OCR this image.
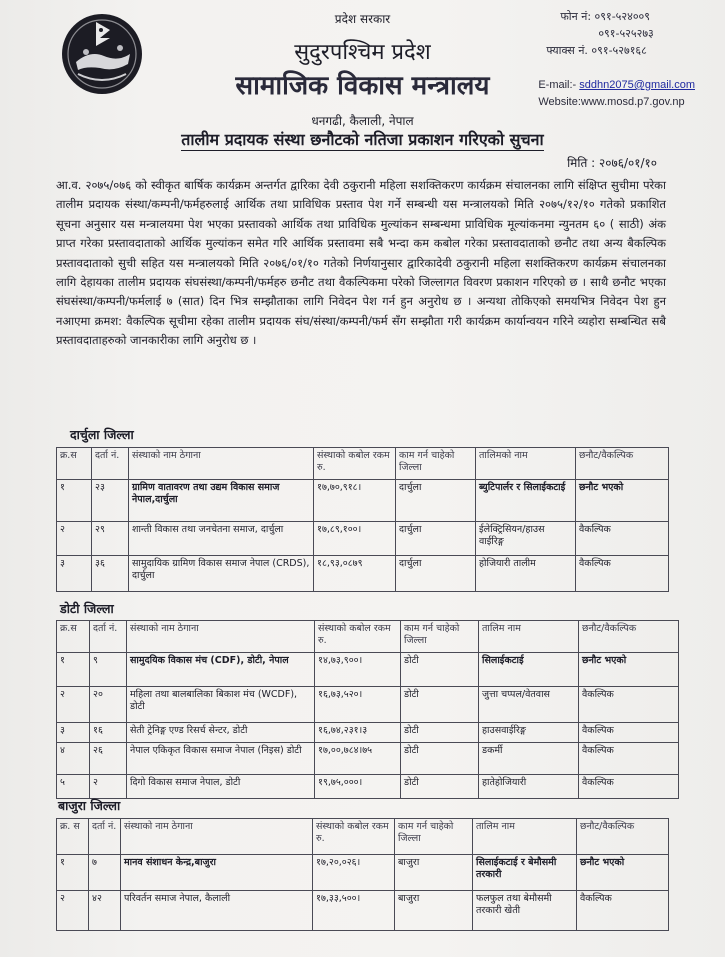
प्रदेश सरकार
सुदुरपश्चिम प्रदेश
सामाजिक विकास मन्त्रालय
धनगढी, कैलाली, नेपाल
तालीम प्रदायक संस्था छनौटको नतिजा प्रकाशन गरिएको सुचना
फोन नं: ०९१-५२४००९
०९१-५२५२७३
फ्याक्स नं. ०९१-५२७१६८
E-mail:- sddhn2075@gmail.com
Website:www.mosd.p7.gov.np
मिति : २०७६/०१/१०
आ.व. २०७५/०७६ को स्वीकृत बार्षिक कार्यक्रम अन्तर्गत द्वारिका देवी ठकुरानी महिला सशक्तिकरण कार्यक्रम संचालनका लागि संक्षिप्त सुचीमा परेका तालीम प्रदायक संस्था/कम्पनी/फर्महरुलाई आर्थिक तथा प्राविधिक प्रस्ताव पेश गर्ने सम्बन्धी यस मन्त्रालयको मिति २०७५/१२/१० गतेको प्रकाशित सूचना अनुसार यस मन्त्रालयमा पेश भएका प्रस्तावको आर्थिक तथा प्राविधिक मुल्यांकन सम्बन्धमा प्राविधिक मूल्यांकनमा न्युनतम ६० ( साठी) अंक प्राप्त गरेका प्रस्तावदाताको आर्थिक मुल्यांकन समेत गरि आर्थिक प्रस्तावमा सबै भन्दा कम कबोल गरेका प्रस्तावदाताको छनौट तथा अन्य बैकल्पिक प्रस्तावदाताको सुची सहित यस मन्त्रालयको मिति २०७६/०१/१० गतेको निर्णयानुसार द्वारिकादेवी ठकुरानी महिला सशक्तिकरण कार्यक्रम संचालनका लागि देहायका तालीम प्रदायक संघसंस्था/कम्पनी/फर्महरु छनौट तथा वैकल्पिकमा परेको जिल्लागत विवरण प्रकाशन गरिएको छ । साथै छनौट भएका संघसंस्था/कम्पनी/फर्मलाई ७ (सात) दिन भित्र सम्झौताका लागि निवेदन पेश गर्न हुन अनुरोध छ । अन्यथा तोकिएको समयभित्र निवेदन पेश हुन नआएमा क्रमश: वैकल्पिक सूचीमा रहेका तालीम प्रदायक संघ/संस्था/कम्पनी/फर्म सँग सम्झौता गरी कार्यक्रम कार्यान्वयन गरिने व्यहोरा सम्बन्धित सबै प्रस्तावदाताहरुको जानकारीका लागि अनुरोध छ ।
दार्चुला जिल्ला
क्र.स	दर्ता नं.	संस्थाको नाम ठेगाना	संस्थाको कबोल रकम रु.	काम गर्न चाहेको जिल्ला	तालिमको नाम	छनौट/वैकल्पिक
१	२३	ग्रामिण वातावरण तथा उद्यम विकास समाज नेपाल,दार्चुला	१७,७०,९१८।	दार्चुला	ब्युटिपार्लर र सिलाईकटाई	छनौट भएको
२	२९	शान्ती विकास तथा जनचेतना समाज, दार्चुला	१७,८९,१००।	दार्चुला	ईलेक्ट्रिसियन/हाउस वाईरिङ्ग	वैकल्पिक
३	३६	सामुदायिक ग्रामिण विकास समाज नेपाल (CRDS), दार्चुला	१८,९३,०८७९	दार्चुला	होजियारी तालीम	वैकल्पिक
डोटी जिल्ला
क्र.स	दर्ता नं.	संस्थाको नाम ठेगाना	संस्थाको कबोल रकम रु.	काम गर्न चाहेको जिल्ला	तालिम नाम	छनौट/वैकल्पिक
१	९	सामुदयिक विकास मंच (CDF), डोटी, नेपाल	१४,७३,९००।	डोटी	सिलाईकटाई	छनौट भएको
२	२०	महिला तथा बालबालिका बिकाश मंच (WCDF), डोटी	१६,७३,५२०।	डोटी	जुत्ता चप्पल/वेतवास	वैकल्पिक
३	१६	सेती ट्रेनिङ्ग एण्ड रिसर्च सेन्टर, डोटी	१६,७४,२३१।३	डोटी	हाउसवाईरिङ्ग	वैकल्पिक
४	२६	नेपाल एकिकृत विकास समाज नेपाल (निइस) डोटी	१७,००,७८४।७५	डोटी	डकर्मी	वैकल्पिक
५	२	दिगो विकास समाज नेपाल, डोटी	१९,७५,०००।	डोटी	हातेहोजियारी	वैकल्पिक
बाजुरा जिल्ला
क्र. स	दर्ता नं.	संस्थाको नाम ठेगाना	संस्थाको कबोल रकम रु.	काम गर्न चाहेको जिल्ला	तालिम नाम	छनौट/वैकल्पिक
१	७	मानव संशाधन केन्द्र,बाजुरा	१७,२०,०२६।	बाजुरा	सिलाईकटाई र बेमौसमी तरकारी	छनौट भएको
२	४२	परिवर्तन समाज नेपाल, कैलाली	१७,३३,५००।	बाजुरा	फलफुल तथा बेमौसमी तरकारी खेती	वैकल्पिक
